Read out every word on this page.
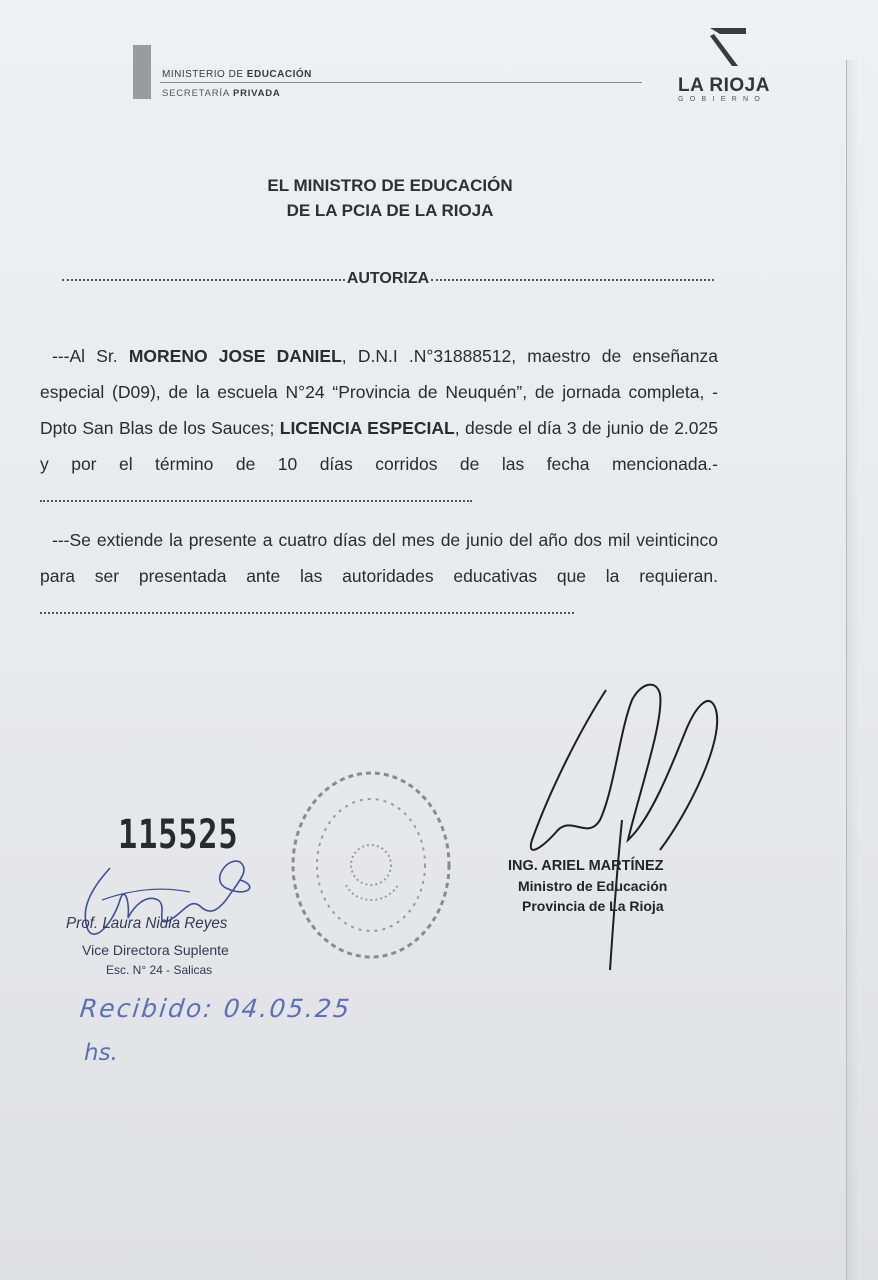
MINISTERIO DE EDUCACIÓN
SECRETARÍA PRIVADA	LA RIOJA
GOBIERNO
EL MINISTRO DE EDUCACIÓN
DE LA PCIA DE LA RIOJA
AUTORIZA

---Al Sr. MORENO JOSE DANIEL, D.N.I .N°31888512, maestro de enseñanza especial (D09), de la escuela N°24 “Provincia de Neuquén”, de jornada completa, - Dpto San Blas de los Sauces; LICENCIA ESPECIAL, desde el día 3 de junio de 2.025 y por el término de 10 días corridos de las fecha mencionada.-

---Se extiende la presente a cuatro días del mes de junio del año dos mil veinticinco para ser presentada ante las autoridades educativas que la requieran.

115525
Prof. Laura Nidia Reyes
Vice Directora Suplente
Esc. N° 24 - Salicas
ING. ARIEL MARTÍNEZ
Ministro de Educación
Provincia de La Rioja
Recibido: 04.05.25
hs.
